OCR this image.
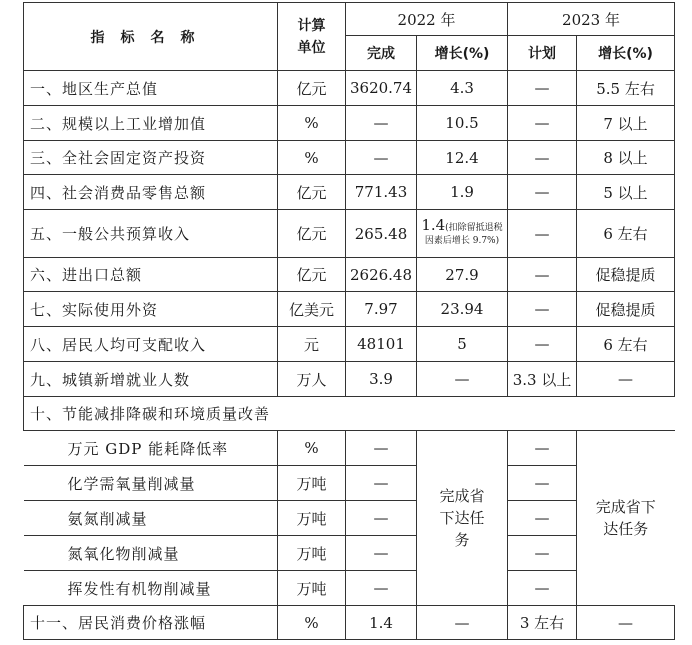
指标名称	计算单位	2022 年		2023 年	
		完成	增长(%)	计划	增长(%)
一、地区生产总值	亿元	3620.74	4.3	—	5.5 左右
二、规模以上工业增加值	%	—	10.5	—	7 以上
三、全社会固定资产投资	%	—	12.4	—	8 以上
四、社会消费品零售总额	亿元	771.43	1.9	—	5 以上
五、一般公共预算收入	亿元	265.48	1.4(扣除留抵退税因素后增长 9.7%)	—	6 左右
六、进出口总额	亿元	2626.48	27.9	—	促稳提质
七、实际使用外资	亿美元	7.97	23.94	—	促稳提质
八、居民人均可支配收入	元	48101	5	—	6 左右
九、城镇新增就业人数	万人	3.9	—	3.3 以上	—
十、节能减排降碳和环境质量改善					
万元 GDP 能耗降低率	%	—	完成省下达任务	—	完成省下达任务
化学需氧量削减量	万吨	—		—	
氨氮削减量	万吨	—		—	
氮氧化物削减量	万吨	—		—	
挥发性有机物削减量	万吨	—		—	
十一、居民消费价格涨幅	%	1.4	—	3 左右	—
